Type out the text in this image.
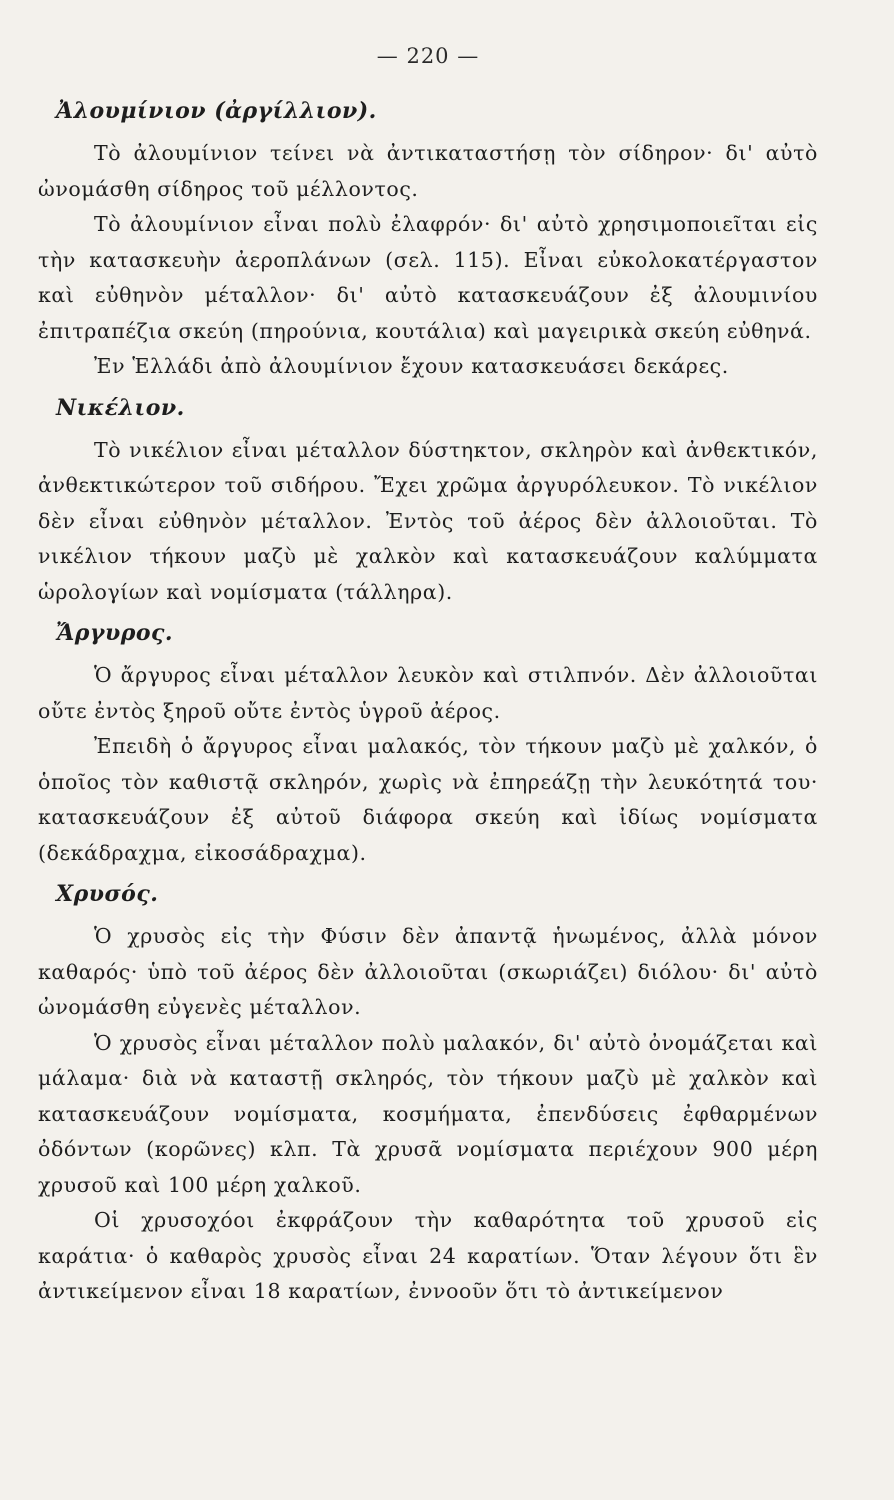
— 220 —
Ἀλουμίνιον (ἀργίλλιον).

Τὸ ἀλουμίνιον τείνει νὰ ἀντικαταστήσῃ τὸν σίδηρον· δι' αὐτὸ ὠνομάσθη σίδηρος τοῦ μέλλοντος.

Τὸ ἀλουμίνιον εἶναι πολὺ ἐλαφρόν· δι' αὐτὸ χρησιμοποιεῖται εἰς τὴν κατασκευὴν ἀεροπλάνων (σελ. 115). Εἶναι εὐκολοκατέργαστον καὶ εὐθηνὸν μέταλλον· δι' αὐτὸ κατασκευάζουν ἐξ ἀλουμινίου ἐπιτραπέζια σκεύη (πηρούνια, κουτάλια) καὶ μαγειρικὰ σκεύη εὐθηνά.

Ἐν Ἑλλάδι ἀπὸ ἀλουμίνιον ἔχουν κατασκευάσει δεκάρες.

Νικέλιον.

Τὸ νικέλιον εἶναι μέταλλον δύστηκτον, σκληρὸν καὶ ἀνθεκτικόν, ἀνθεκτικώτερον τοῦ σιδήρου. Ἔχει χρῶμα ἀργυρόλευκον. Τὸ νικέλιον δὲν εἶναι εὐθηνὸν μέταλλον. Ἐντὸς τοῦ ἀέρος δὲν ἀλλοιοῦται. Τὸ νικέλιον τήκουν μαζὺ μὲ χαλκὸν καὶ κατασκευάζουν καλύμματα ὡρολογίων καὶ νομίσματα (τάλληρα).

Ἄργυρος.

Ὁ ἄργυρος εἶναι μέταλλον λευκὸν καὶ στιλπνόν. Δὲν ἀλλοιοῦται οὔτε ἐντὸς ξηροῦ οὔτε ἐντὸς ὑγροῦ ἀέρος.

Ἐπειδὴ ὁ ἄργυρος εἶναι μαλακός, τὸν τήκουν μαζὺ μὲ χαλκόν, ὁ ὁποῖος τὸν καθιστᾷ σκληρόν, χωρὶς νὰ ἐπηρεάζῃ τὴν λευκότητά του· κατασκευάζουν ἐξ αὐτοῦ διάφορα σκεύη καὶ ἰδίως νομίσματα (δεκάδραχμα, εἰκοσάδραχμα).

Χρυσός.

Ὁ χρυσὸς εἰς τὴν Φύσιν δὲν ἀπαντᾷ ἡνωμένος, ἀλλὰ μόνον καθαρός· ὑπὸ τοῦ ἀέρος δὲν ἀλλοιοῦται (σκωριάζει) διόλου· δι' αὐτὸ ὠνομάσθη εὐγενὲς μέταλλον.

Ὁ χρυσὸς εἶναι μέταλλον πολὺ μαλακόν, δι' αὐτὸ ὀνομάζεται καὶ μάλαμα· διὰ νὰ καταστῇ σκληρός, τὸν τήκουν μαζὺ μὲ χαλκὸν καὶ κατασκευάζουν νομίσματα, κοσμήματα, ἐπενδύσεις ἐφθαρμένων ὀδόντων (κορῶνες) κλπ. Τὰ χρυσᾶ νομίσματα περιέχουν 900 μέρη χρυσοῦ καὶ 100 μέρη χαλκοῦ.

Οἱ χρυσοχόοι ἐκφράζουν τὴν καθαρότητα τοῦ χρυσοῦ εἰς καράτια· ὁ καθαρὸς χρυσὸς εἶναι 24 καρατίων. Ὅταν λέγουν ὅτι ἓν ἀντικείμενον εἶναι 18 καρατίων, ἐννοοῦν ὅτι τὸ ἀντικείμενον
